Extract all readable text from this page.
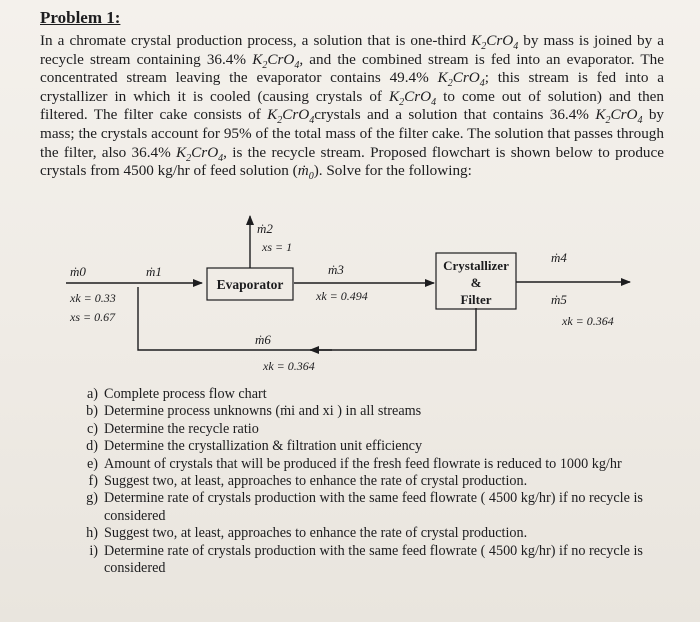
Problem 1:
In a chromate crystal production process, a solution that is one-third $K_2CrO_4$ by mass is joined by a recycle stream containing 36.4% $K_2CrO_4$, and the combined stream is fed into an evaporator. The concentrated stream leaving the evaporator contains 49.4% $K_2CrO_4$; this stream is fed into a crystallizer in which it is cooled (causing crystals of $K_2CrO_4$ to come out of solution) and then filtered. The filter cake consists of $K_2CrO_4crystals$ and a solution that contains 36.4% $K_2CrO_4$ by mass; the crystals account for 95% of the total mass of the filter cake. The solution that passes through the filter, also 36.4% $K_2CrO_4$, is the recycle stream. Proposed flowchart is shown below to produce crystals from 4500 kg/hr of feed solution (ṁ$_0$). Solve for the following:
Evaporator
Crystallizer
&
Filter
ṁ2
xs = 1
ṁ0
xk = 0.33
xs = 0.67
ṁ1	ṁ3
xk = 0.494
ṁ4
ṁ5
xk = 0.364
ṁ6
xk = 0.364
a) Complete process flow chart
b) Determine process unknowns (ṁi and xi ) in all streams
c) Determine the recycle ratio
d) Determine the crystallization & filtration unit efficiency
e) Amount of crystals that will be produced if the fresh feed flowrate is reduced to 1000 kg/hr
f) Suggest two, at least, approaches to enhance the rate of crystal production.
g) Determine rate of crystals production with the same feed flowrate ( 4500 kg/hr) if no recycle is considered
h) Suggest two, at least, approaches to enhance the rate of crystal production.
i) Determine rate of crystals production with the same feed flowrate ( 4500 kg/hr) if no recycle is considered
